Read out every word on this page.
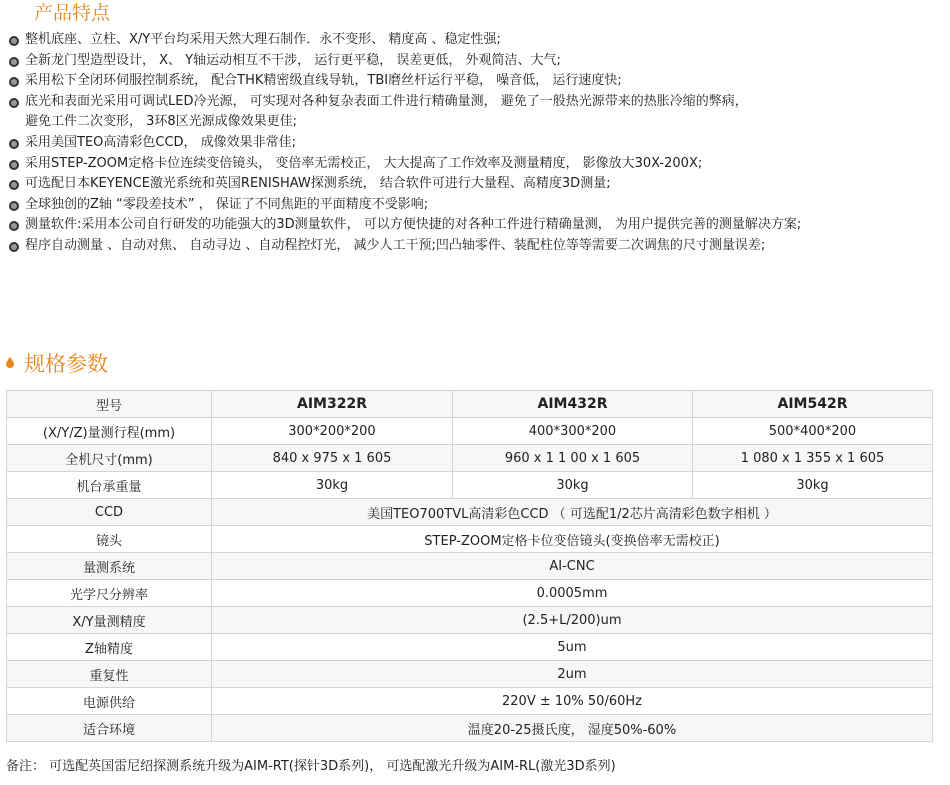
产品特点
整机底座、立柱、X/Y平台均采用天然大理石制作．永不变形、 精度高 、稳定性强;
全新龙门型造型设计， X、 Y轴运动相互不干涉， 运行更平稳， 误差更低， 外观简洁、大气;
采用松下全闭环伺服控制系统， 配合THK精密级直线导轨，TBI磨丝杆运行平稳， 噪音低， 运行速度快;
底光和表面光采用可调试LED冷光源， 可实现对各种复杂表面工件进行精确量测， 避免了一般热光源带来的热胀冷缩的弊病，
避免工件二次变形， 3环8区光源成像效果更佳;
采用美国TEO高清彩色CCD， 成像效果非常佳;
采用STEP-ZOOM定格卡位连续变倍镜头， 变倍率无需校正， 大大提高了工作效率及测量精度， 影像放大30X-200X;
可选配日本KEYENCE激光系统和英国RENISHAW探测系统， 结合软件可进行大量程、高精度3D测量;
全球独创的Z轴 “零段差技术” ， 保证了不同焦距的平面精度不受影响;
测量软件:采用本公司自行研发的功能强大的3D测量软件， 可以方便快捷的对各种工件进行精确量测， 为用户提供完善的测量解决方案;
程序自动测量 、自动对焦、 自动寻边 、自动程控灯光， 减少人工干预;凹凸轴零件、装配柱位等等需要二次调焦的尺寸测量误差;
规格参数
型号	AIM322R	AIM432R	AIM542R
(X/Y/Z)量测行程(mm)	300*200*200	400*300*200	500*400*200
全机尺寸(mm)	840 x 975 x 1 605	960 x 1 1 00 x 1 605	1 080 x 1 355 x 1 605
机台承重量	30kg	30kg	30kg
CCD	美国TEO700TVL高清彩色CCD （ 可选配1/2芯片高清彩色数字相机 ）		
镜头	STEP-ZOOM定格卡位变倍镜头(变换倍率无需校正)		
量测系统	AI-CNC		
光学尺分辨率	0.0005mm		
X/Y量测精度	(2.5+L/200)um		
Z轴精度	5um		
重复性	2um		
电源供给	220V ± 10% 50/60Hz		
适合环境	温度20-25摄氏度， 湿度50%-60%		
备注： 可选配英国雷尼绍探测系统升级为AIM-RT(探针3D系列)， 可选配激光升级为AIM-RL(激光3D系列)
